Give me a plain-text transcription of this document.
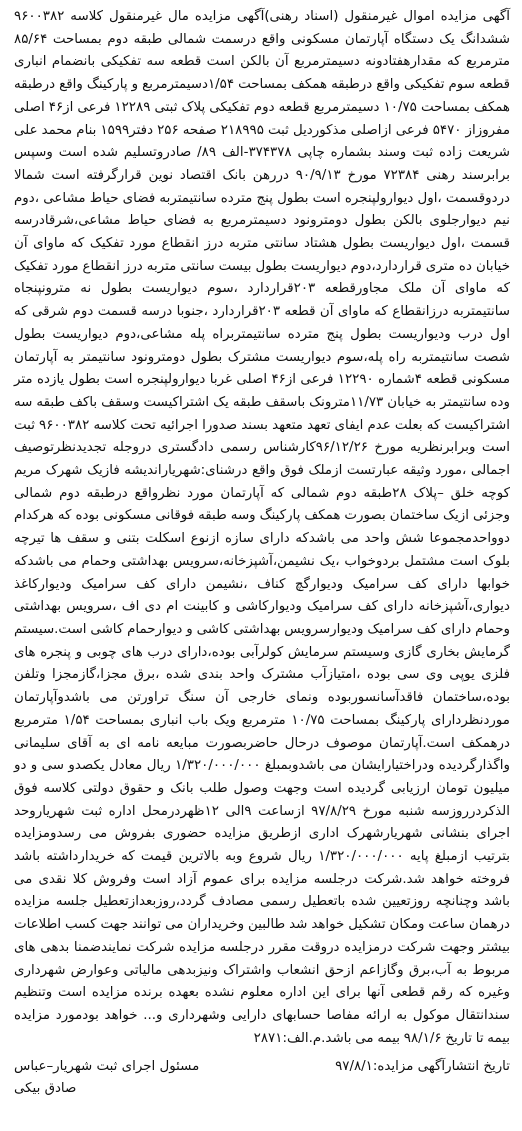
آگهی مزایده اموال غیرمنقول (اسناد رهنی)آگهی مزایده مال غیرمنقول کلاسه ۹۶۰۰۳۸۲ ششدانگ یک دستگاه آپارتمان مسکونی واقع درسمت شمالی طبقه دوم بمساحت ۸۵/۶۴ مترمربع که مقدارهفتادونه دسیمترمربع آن بالکن است قطعه سه تفکیکی بانضمام انباری قطعه سوم تفکیکی واقع درطبقه همکف بمساحت ۱/۵۴دسیمترمربع و پارکینگ واقع درطبقه همکف بمساحت ۱۰/۷۵ دسیمترمربع قطعه دوم تفکیکی پلاک ثبتی ۱۲۲۸۹ فرعی از۴۶ اصلی مفروزاز ۵۴۷۰ فرعی ازاصلی مذکوردیل ثبت ۲۱۸۹۹۵ صفحه ۲۵۶ دفتر۱۵۹۹ بنام محمد علی شریعت زاده ثبت وسند بشماره چاپی ۳۷۴۳۷۸-الف ۸۹/ صادروتسلیم شده است وسپس برابرسند رهنی ۷۲۳۸۴ مورخ ۹۰/۹/۱۳ دررهن بانک اقتصاد نوین قرارگرفته است شمالا دردوقسمت ،اول دیوارولپنجره است بطول پنج مترده سانتیمتربه فضای حیاط مشاعی ،دوم نیم دیوارجلوی بالکن بطول دومترونود دسیمترمربع به فضای حیاط مشاعی،شرقادرسه قسمت ،اول دیواریست بطول هشتاد سانتی متربه درز انقطاع مورد تفکیک که ماوای آن خیابان ده متری قراردارد،دوم دیواریست بطول بیست سانتی متربه درز انقطاع مورد تفکیک که ماوای آن ملک مجاورقطعه ۲۰۳قراردارد ،سوم دیواریست بطول نه مترونپنجاه سانتیمتربه درزانقطاع که ماوای آن قطعه ۲۰۳قراردارد ،جنوبا درسه قسمت دوم شرقی که اول درب ودیواریست بطول پنج مترده سانتیمتربراه پله مشاعی،دوم دیواریست بطول شصت سانتیمتربه راه پله،سوم دیواریست مشترک بطول دومترونود سانتیمتر به آپارتمان مسکونی قطعه ۴شماره ۱۲۲۹۰ فرعی از۴۶ اصلی غربا دیوارولپنجره است بطول یازده متر وده سانتیمتر به خیابان ۱۱/۷۳مترونک باسقف طبقه یک اشتراکیست وسقف باکف طبقه سه اشتراکیست که بعلت عدم ایفای تعهد متعهد بسند صدورا اجرائیه تحت کلاسه ۹۶۰۰۳۸۲ ثبت است وبرابرنظریه مورخ ۹۶/۱۲/۲۶کارشناس رسمی دادگستری دروجله تجدیدنظرتوصیف اجمالی ،مورد وثیقه عبارتست ازملک فوق واقع درشنای:شهریاراندیشه فازیک شهرک مریم کوچه خلق –پلاک ۲۸طبقه دوم شمالی که آپارتمان مورد نظرواقع درطبقه دوم شمالی وجزئی ازیک ساختمان بصورت همکف پارکینگ وسه طبقه فوقانی مسکونی بوده که هرکدام دوواحدمجموعا شش واحد می باشدکه دارای سازه ازنوع اسکلت بتنی و سقف ها تیرچه بلوک است مشتمل بردوخواب ،یک نشیمن،آشپزخانه،سرویس بهداشتی وحمام می باشدکه خوابها دارای کف سرامیک ودیوارگچ کناف ،نشیمن دارای کف سرامیک ودیوارکاغذ دیواری،آشپزخانه دارای کف سرامیک ودیوارکاشی و کابینت ام دی اف ،سرویس بهداشتی وحمام دارای کف سرامیک ودیوارسرویس بهداشتی کاشی و دیوارحمام کاشی است.سیستم گرمایش بخاری گازی وسیستم سرمایش کولرآبی بوده،دارای درب های چوبی و پنجره های فلزی یوپی وی سی بوده ،امتیازآب مشترک واحد بندی شده ،برق مجزا،گازمجزا وتلفن بوده،ساختمان فاقدآسانسوربوده ونمای خارجی آن سنگ تراورتن می باشدوآپارتمان موردنظردارای پارکینگ بمساحت ۱۰/۷۵ مترمربع ویک باب انباری بمساحت ۱/۵۴ مترمربع درهمکف است.آپارتمان موصوف درحال حاضربصورت مبایعه نامه ای به آقای سلیمانی واگذارگردیده ودراختیارایشان می باشدوبمبلغ ۱/۳۲۰/۰۰۰/۰۰۰ ریال معادل یکصدو سی و دو میلیون تومان ارزیابی گردیده است وجهت وصول طلب بانک و حقوق دولتی کلاسه فوق الذکردرروزسه شنبه مورخ ۹۷/۸/۲۹ ازساعت ۹الی ۱۲ظهردرمحل اداره ثبت شهریاروحد اجرای بنشانی شهریارشهرک اداری ازطریق مزایده حضوری بفروش می رسدومزایده بترتیب ازمبلغ پایه ۱/۳۲۰/۰۰۰/۰۰۰ ریال شروع وبه بالاترین قیمت که خریدارداشته باشد فروخته خواهد شد.شرکت درجلسه مزایده برای عموم آزاد است وفروش کلا نقدی می باشد وچنانچه روزتعیین شده باتعطیل رسمی مصادف گردد،روزبعدازتعطیل جلسه مزایده درهمان ساعت ومکان تشکیل خواهد شد طالبین وخریداران می توانند جهت کسب اطلاعات بیشتر وجهت شرکت درمزایده دروقت مقرر درجلسه مزایده شرکت نمایندضمنا بدهی های مربوط به آب،برق وگازاعم ازحق انشعاب واشتراک ونیزبدهی مالیاتی وعوارض شهرداری وغیره که رقم قطعی آنها برای این اداره معلوم نشده بعهده برنده مزایده است وتنظیم سندانتقال موکول به ارائه مفاصا حسابهای دارایی وشهرداری و... خواهد بودمورد مزایده بیمه تا تاریخ ۹۸/۱/۶ بیمه می باشد.م.الف:۲۸۷۱

تاریخ انتشارآگهی مزایده:۹۷/۸/۱
مسئول اجرای ثبت شهریار–عباس
صادق بیکی
